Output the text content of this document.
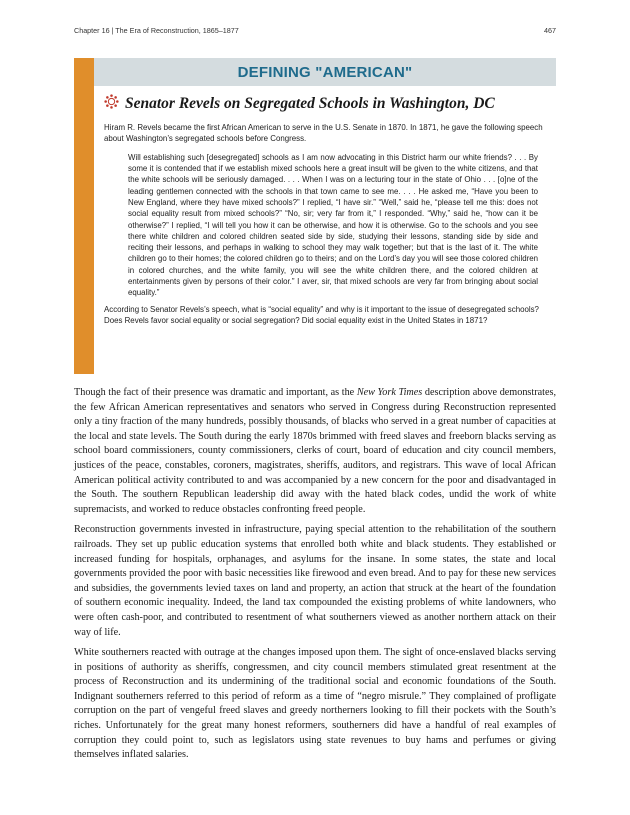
Chapter 16 | The Era of Reconstruction, 1865–1877	467
DEFINING "AMERICAN"
Senator Revels on Segregated Schools in Washington, DC

Hiram R. Revels became the first African American to serve in the U.S. Senate in 1870. In 1871, he gave the following speech about Washington’s segregated schools before Congress.

Will establishing such [desegregated] schools as I am now advocating in this District harm our white friends? . . . By some it is contended that if we establish mixed schools here a great insult will be given to the white citizens, and that the white schools will be seriously damaged. . . . When I was on a lecturing tour in the state of Ohio . . . [o]ne of the leading gentlemen connected with the schools in that town came to see me. . . . He asked me, “Have you been to New England, where they have mixed schools?” I replied, “I have sir.” “Well,” said he, “please tell me this: does not social equality result from mixed schools?” “No, sir; very far from it,” I responded. “Why,” said he, “how can it be otherwise?” I replied, “I will tell you how it can be otherwise, and how it is otherwise. Go to the schools and you see there white children and colored children seated side by side, studying their lessons, standing side by side and reciting their lessons, and perhaps in walking to school they may walk together; but that is the last of it. The white children go to their homes; the colored children go to theirs; and on the Lord’s day you will see those colored children in colored churches, and the white family, you will see the white children there, and the colored children at entertainments given by persons of their color.” I aver, sir, that mixed schools are very far from bringing about social equality.”

According to Senator Revels’s speech, what is “social equality” and why is it important to the issue of desegregated schools? Does Revels favor social equality or social segregation? Did social equality exist in the United States in 1871?

Though the fact of their presence was dramatic and important, as the New York Times description above demonstrates, the few African American representatives and senators who served in Congress during Reconstruction represented only a tiny fraction of the many hundreds, possibly thousands, of blacks who served in a great number of capacities at the local and state levels. The South during the early 1870s brimmed with freed slaves and freeborn blacks serving as school board commissioners, county commissioners, clerks of court, board of education and city council members, justices of the peace, constables, coroners, magistrates, sheriffs, auditors, and registrars. This wave of local African American political activity contributed to and was accompanied by a new concern for the poor and disadvantaged in the South. The southern Republican leadership did away with the hated black codes, undid the work of white supremacists, and worked to reduce obstacles confronting freed people.

Reconstruction governments invested in infrastructure, paying special attention to the rehabilitation of the southern railroads. They set up public education systems that enrolled both white and black students. They established or increased funding for hospitals, orphanages, and asylums for the insane. In some states, the state and local governments provided the poor with basic necessities like firewood and even bread. And to pay for these new services and subsidies, the governments levied taxes on land and property, an action that struck at the heart of the foundation of southern economic inequality. Indeed, the land tax compounded the existing problems of white landowners, who were often cash-poor, and contributed to resentment of what southerners viewed as another northern attack on their way of life.

White southerners reacted with outrage at the changes imposed upon them. The sight of once-enslaved blacks serving in positions of authority as sheriffs, congressmen, and city council members stimulated great resentment at the process of Reconstruction and its undermining of the traditional social and economic foundations of the South. Indignant southerners referred to this period of reform as a time of “negro misrule.” They complained of profligate corruption on the part of vengeful freed slaves and greedy northerners looking to fill their pockets with the South’s riches. Unfortunately for the great many honest reformers, southerners did have a handful of real examples of corruption they could point to, such as legislators using state revenues to buy hams and perfumes or giving themselves inflated salaries.
